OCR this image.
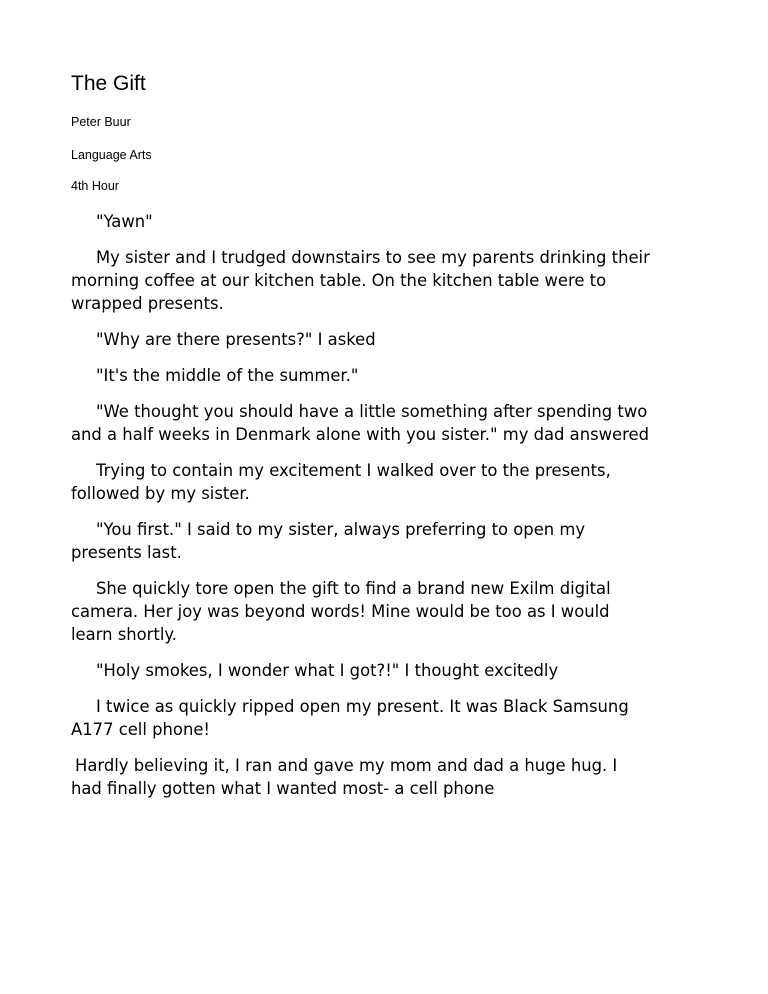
The Gift
Peter Buur
Language Arts
4th Hour
"Yawn"
My sister and I trudged downstairs to see my parents drinking their
morning coffee at our kitchen table. On the kitchen table were to
wrapped presents.
"Why are there presents?" I asked
"It's the middle of the summer."
"We thought you should have a little something after spending two
and a half weeks in Denmark alone with you sister." my dad answered
Trying to contain my excitement I walked over to the presents,
followed by my sister.
"You first." I said to my sister, always preferring to open my
presents last.
She quickly tore open the gift to find a brand new Exilm digital
camera. Her joy was beyond words! Mine would be too as I would
learn shortly.
"Holy smokes, I wonder what I got?!" I thought excitedly
I twice as quickly ripped open my present. It was Black Samsung
A177 cell phone!
Hardly believing it, I ran and gave my mom and dad a huge hug. I
had finally gotten what I wanted most- a cell phone
